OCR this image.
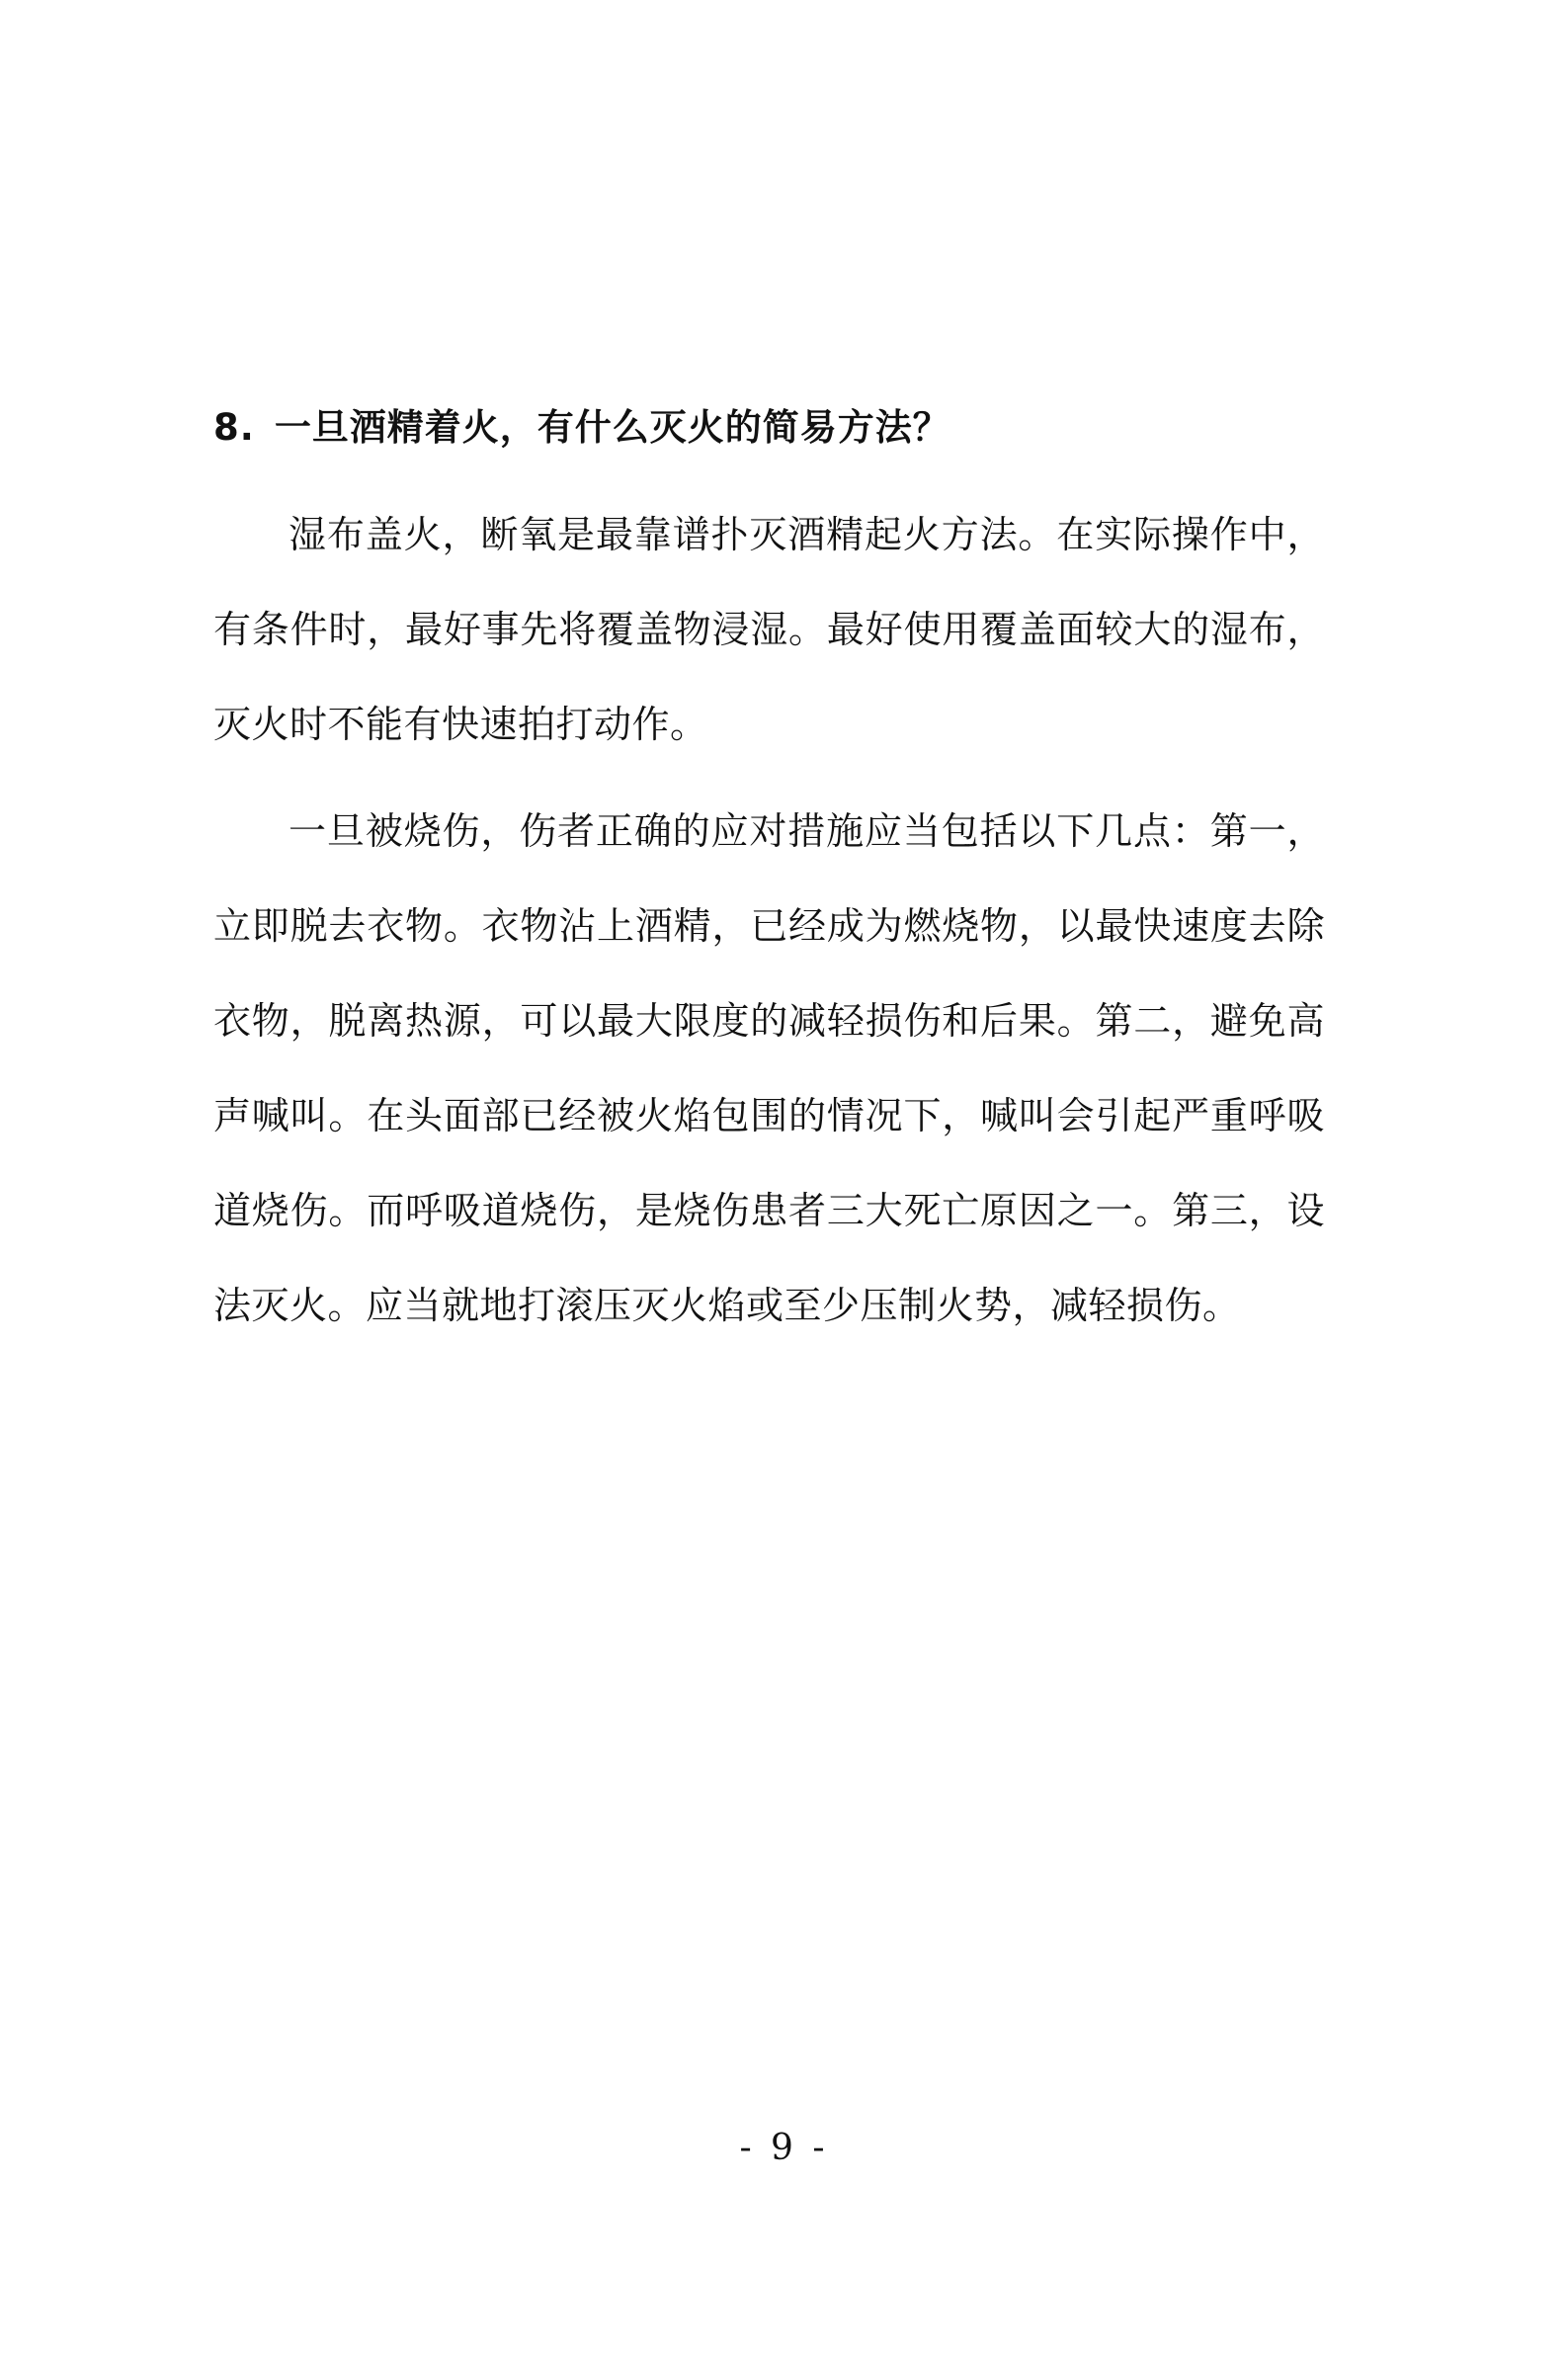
8. 一旦酒精着火，有什么灭火的简易方法？

湿布盖火，断氧是最靠谱扑灭酒精起火方法。在实际操作中，有条件时，最好事先将覆盖物浸湿。最好使用覆盖面较大的湿布，灭火时不能有快速拍打动作。

一旦被烧伤，伤者正确的应对措施应当包括以下几点：第一，立即脱去衣物。衣物沾上酒精，已经成为燃烧物，以最快速度去除衣物，脱离热源，可以最大限度的减轻损伤和后果。第二，避免高声喊叫。在头面部已经被火焰包围的情况下，喊叫会引起严重呼吸道烧伤。而呼吸道烧伤，是烧伤患者三大死亡原因之一。第三，设法灭火。应当就地打滚压灭火焰或至少压制火势，减轻损伤。

- 9 -
